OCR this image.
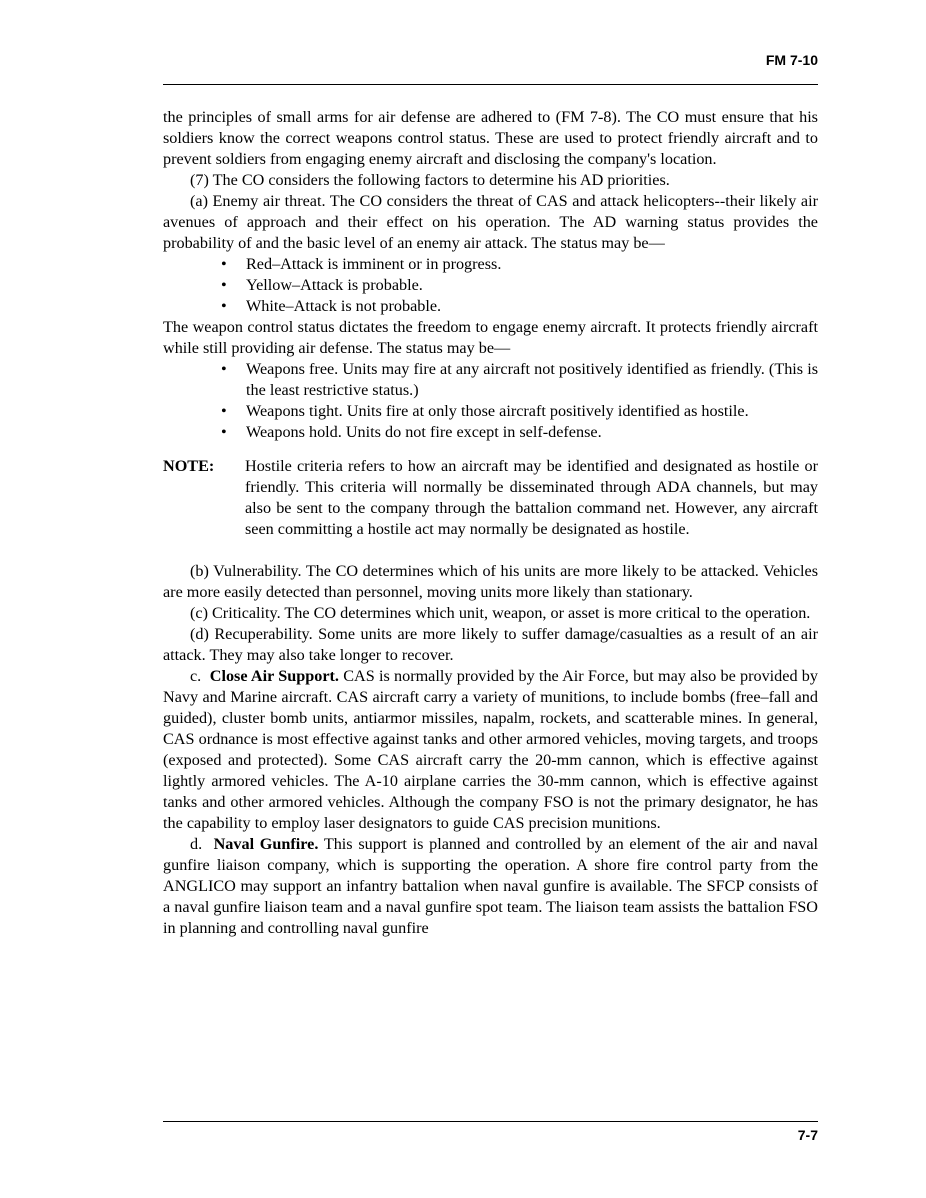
FM 7-10

the principles of small arms for air defense are adhered to (FM 7-8). The CO must ensure that his soldiers know the correct weapons control status. These are used to protect friendly aircraft and to prevent soldiers from engaging enemy aircraft and disclosing the company's location.

(7) The CO considers the following factors to determine his AD priorities.

(a) Enemy air threat. The CO considers the threat of CAS and attack helicopters--their likely air avenues of approach and their effect on his operation. The AD warning status provides the probability of and the basic level of an enemy air attack. The status may be—

• Red–Attack is imminent or in progress.
• Yellow–Attack is probable.
• White–Attack is not probable.

The weapon control status dictates the freedom to engage enemy aircraft. It protects friendly aircraft while still providing air defense. The status may be—

• Weapons free. Units may fire at any aircraft not positively identified as friendly. (This is the least restrictive status.)
• Weapons tight. Units fire at only those aircraft positively identified as hostile.
• Weapons hold. Units do not fire except in self-defense.
NOTE:	Hostile criteria refers to how an aircraft may be identified and designated as hostile or friendly. This criteria will normally be disseminated through ADA channels, but may also be sent to the company through the battalion command net. However, any aircraft seen committing a hostile act may normally be designated as hostile.

(b) Vulnerability. The CO determines which of his units are more likely to be attacked. Vehicles are more easily detected than personnel, moving units more likely than stationary.

(c) Criticality. The CO determines which unit, weapon, or asset is more critical to the operation.

(d) Recuperability. Some units are more likely to suffer damage/casualties as a result of an air attack. They may also take longer to recover.

c.  Close Air Support. CAS is normally provided by the Air Force, but may also be provided by Navy and Marine aircraft. CAS aircraft carry a variety of munitions, to include bombs (free–fall and guided), cluster bomb units, antiarmor missiles, napalm, rockets, and scatterable mines. In general, CAS ordnance is most effective against tanks and other armored vehicles, moving targets, and troops (exposed and protected). Some CAS aircraft carry the 20-mm cannon, which is effective against lightly armored vehicles. The A-10 airplane carries the 30-mm cannon, which is effective against tanks and other armored vehicles. Although the company FSO is not the primary designator, he has the capability to employ laser designators to guide CAS precision munitions.

d.  Naval Gunfire. This support is planned and controlled by an element of the air and naval gunfire liaison company, which is supporting the operation. A shore fire control party from the ANGLICO may support an infantry battalion when naval gunfire is available. The SFCP consists of a naval gunfire liaison team and a naval gunfire spot team. The liaison team assists the battalion FSO in planning and controlling naval gunfire

7-7
